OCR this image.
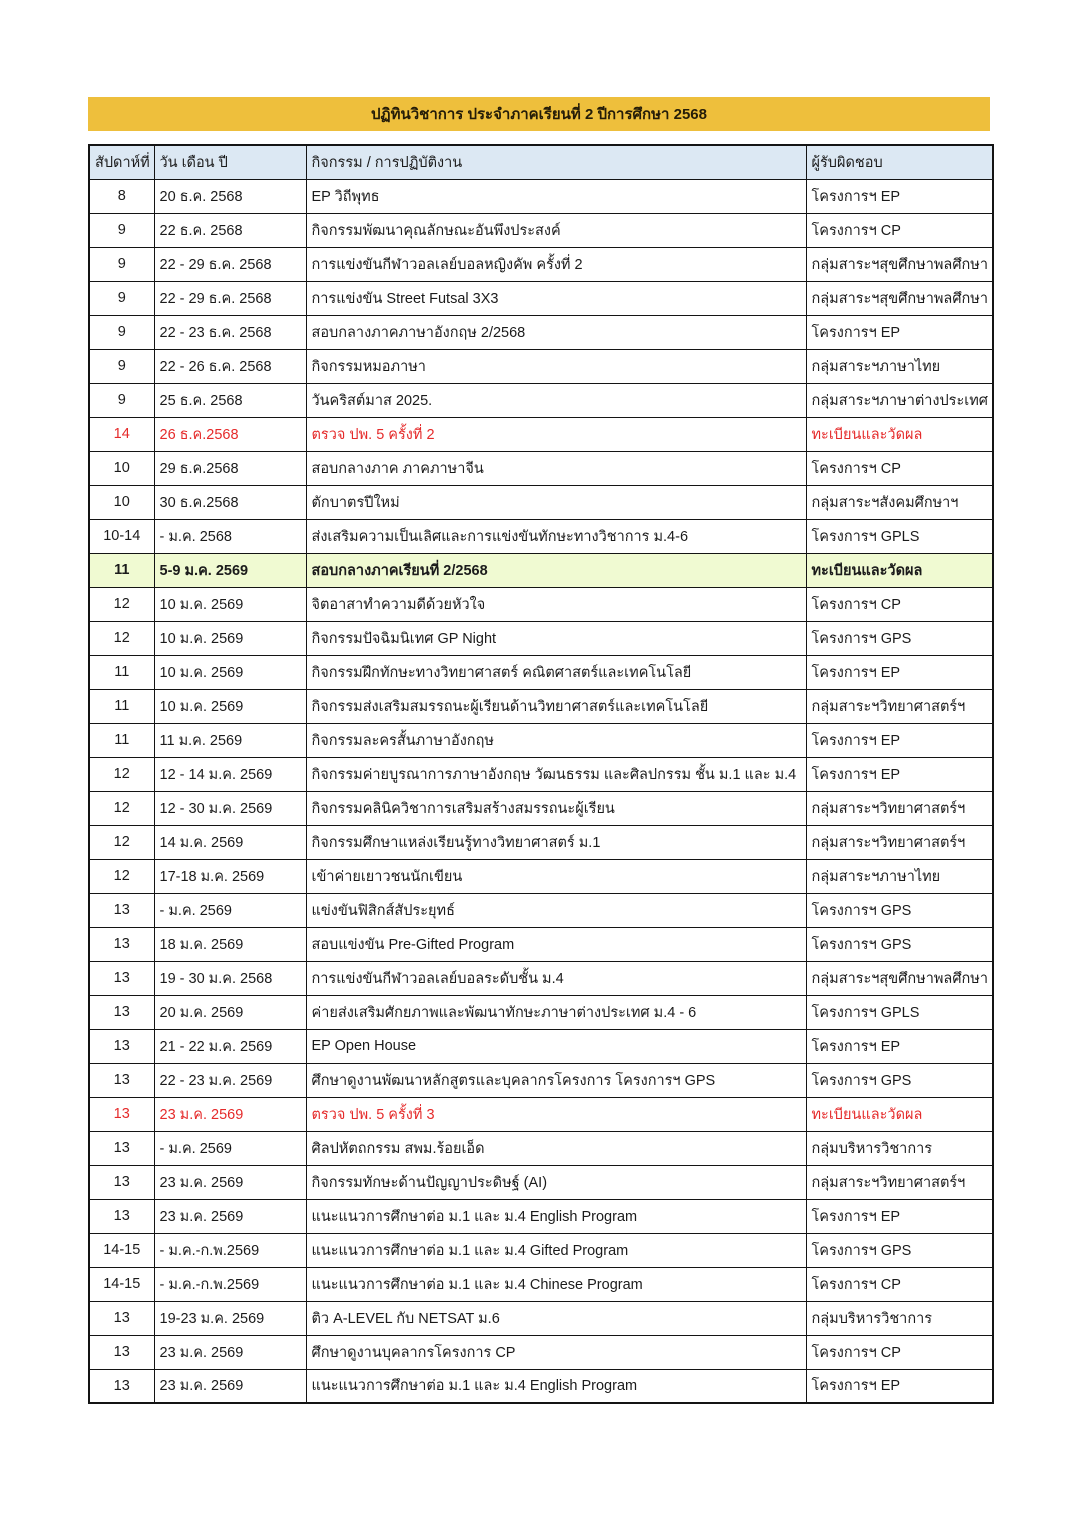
ปฏิทินวิชาการ ประจำภาคเรียนที่ 2 ปีการศึกษา 2568
สัปดาห์ที่	วัน เดือน ปี	กิจกรรม / การปฏิบัติงาน	ผู้รับผิดชอบ
8	20 ธ.ค. 2568	EP วิถีพุทธ	โครงการฯ EP
9	22 ธ.ค. 2568	กิจกรรมพัฒนาคุณลักษณะอันพึงประสงค์	โครงการฯ CP
9	22 - 29 ธ.ค. 2568	การแข่งขันกีฬาวอลเลย์บอลหญิงคัพ ครั้งที่ 2	กลุ่มสาระฯสุขศึกษาพลศึกษา
9	22 - 29 ธ.ค. 2568	การแข่งขัน Street Futsal 3X3	กลุ่มสาระฯสุขศึกษาพลศึกษา
9	22 - 23 ธ.ค. 2568	สอบกลางภาคภาษาอังกฤษ 2/2568	โครงการฯ EP
9	22 - 26 ธ.ค. 2568	กิจกรรมหมอภาษา	กลุ่มสาระฯภาษาไทย
9	25 ธ.ค. 2568	วันคริสต์มาส 2025.	กลุ่มสาระฯภาษาต่างประเทศ
14	26 ธ.ค.2568	ตรวจ ปพ. 5 ครั้งที่ 2	ทะเบียนและวัดผล
10	29 ธ.ค.2568	สอบกลางภาค ภาคภาษาจีน	โครงการฯ CP
10	30 ธ.ค.2568	ตักบาตรปีใหม่	กลุ่มสาระฯสังคมศึกษาฯ
10-14	- ม.ค. 2568	ส่งเสริมความเป็นเลิศและการแข่งขันทักษะทางวิชาการ ม.4-6	โครงการฯ GPLS
11	5-9 ม.ค. 2569	สอบกลางภาคเรียนที่ 2/2568	ทะเบียนและวัดผล
12	10 ม.ค. 2569	จิตอาสาทำความดีด้วยหัวใจ	โครงการฯ CP
12	10 ม.ค. 2569	กิจกรรมปัจฉิมนิเทศ GP Night	โครงการฯ GPS
11	10 ม.ค. 2569	กิจกรรมฝึกทักษะทางวิทยาศาสตร์ คณิตศาสตร์และเทคโนโลยี	โครงการฯ EP
11	10 ม.ค. 2569	กิจกรรมส่งเสริมสมรรถนะผู้เรียนด้านวิทยาศาสตร์และเทคโนโลยี	กลุ่มสาระฯวิทยาศาสตร์ฯ
11	11 ม.ค. 2569	กิจกรรมละครสั้นภาษาอังกฤษ	โครงการฯ EP
12	12 - 14 ม.ค. 2569	กิจกรรมค่ายบูรณาการภาษาอังกฤษ วัฒนธรรม และศิลปกรรม ชั้น ม.1 และ ม.4	โครงการฯ EP
12	12 - 30 ม.ค. 2569	กิจกรรมคลินิควิชาการเสริมสร้างสมรรถนะผู้เรียน	กลุ่มสาระฯวิทยาศาสตร์ฯ
12	14 ม.ค. 2569	กิจกรรมศึกษาแหล่งเรียนรู้ทางวิทยาศาสตร์ ม.1	กลุ่มสาระฯวิทยาศาสตร์ฯ
12	17-18 ม.ค. 2569	เข้าค่ายเยาวชนนักเขียน	กลุ่มสาระฯภาษาไทย
13	- ม.ค. 2569	แข่งขันฟิสิกส์สัประยุทธ์	โครงการฯ GPS
13	18 ม.ค. 2569	สอบแข่งขัน Pre-Gifted Program	โครงการฯ GPS
13	19 - 30 ม.ค. 2568	การแข่งขันกีฬาวอลเลย์บอลระดับชั้น ม.4	กลุ่มสาระฯสุขศึกษาพลศึกษา
13	20 ม.ค. 2569	ค่ายส่งเสริมศักยภาพและพัฒนาทักษะภาษาต่างประเทศ ม.4 - 6	โครงการฯ GPLS
13	21 - 22 ม.ค. 2569	EP Open House	โครงการฯ EP
13	22 - 23 ม.ค. 2569	ศึกษาดูงานพัฒนาหลักสูตรและบุคลากรโครงการ โครงการฯ GPS	โครงการฯ GPS
13	23 ม.ค. 2569	ตรวจ ปพ. 5 ครั้งที่ 3	ทะเบียนและวัดผล
13	- ม.ค. 2569	ศิลปหัตถกรรม สพม.ร้อยเอ็ด	กลุ่มบริหารวิชาการ
13	23 ม.ค. 2569	กิจกรรมทักษะด้านปัญญาประดิษฐ์ (AI)	กลุ่มสาระฯวิทยาศาสตร์ฯ
13	23 ม.ค. 2569	แนะแนวการศึกษาต่อ ม.1 และ ม.4 English Program	โครงการฯ EP
14-15	- ม.ค.-ก.พ.2569	แนะแนวการศึกษาต่อ ม.1 และ ม.4 Gifted Program	โครงการฯ GPS
14-15	- ม.ค.-ก.พ.2569	แนะแนวการศึกษาต่อ ม.1 และ ม.4 Chinese Program	โครงการฯ CP
13	19-23 ม.ค. 2569	ติว A-LEVEL กับ NETSAT ม.6	กลุ่มบริหารวิชาการ
13	23 ม.ค. 2569	ศึกษาดูงานบุคลากรโครงการ CP	โครงการฯ CP
13	23 ม.ค. 2569	แนะแนวการศึกษาต่อ ม.1 และ ม.4 English Program	โครงการฯ EP
